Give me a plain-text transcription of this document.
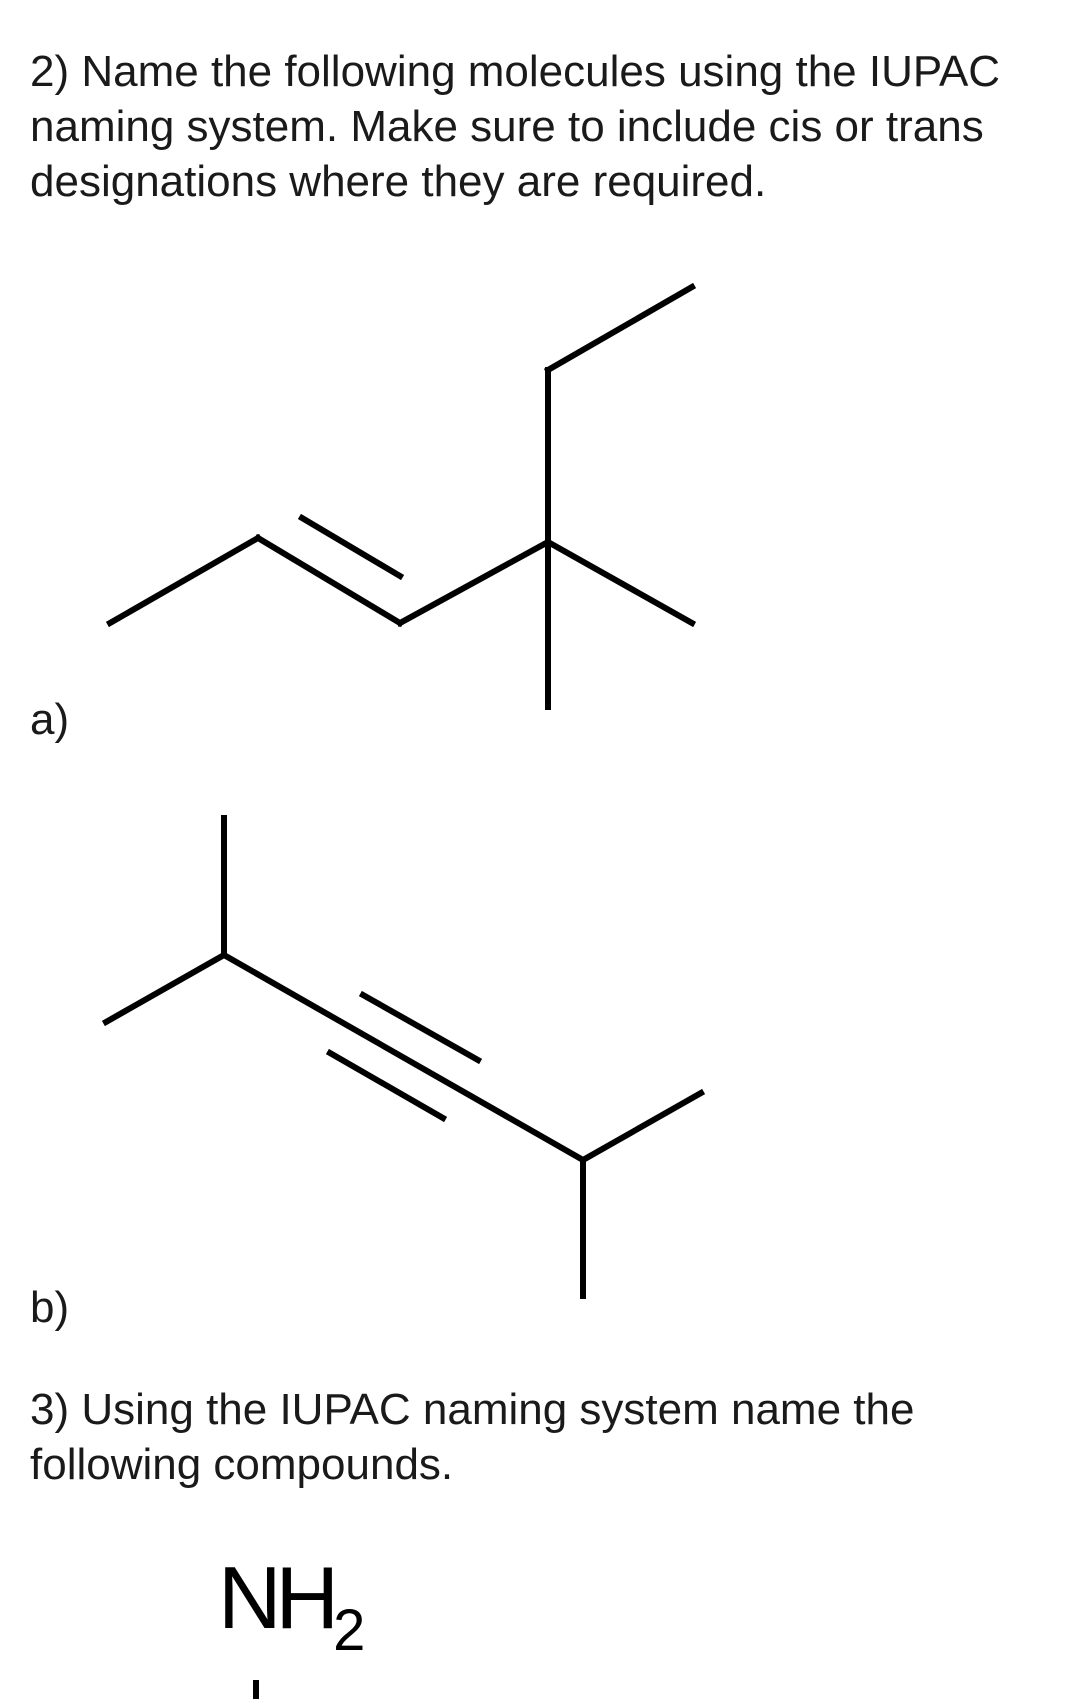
2) Name the following molecules using the IUPAC naming system. Make sure to include cis or trans designations where they are required.

a)

b)

3) Using the IUPAC naming system name the following compounds.

$NH_2$
